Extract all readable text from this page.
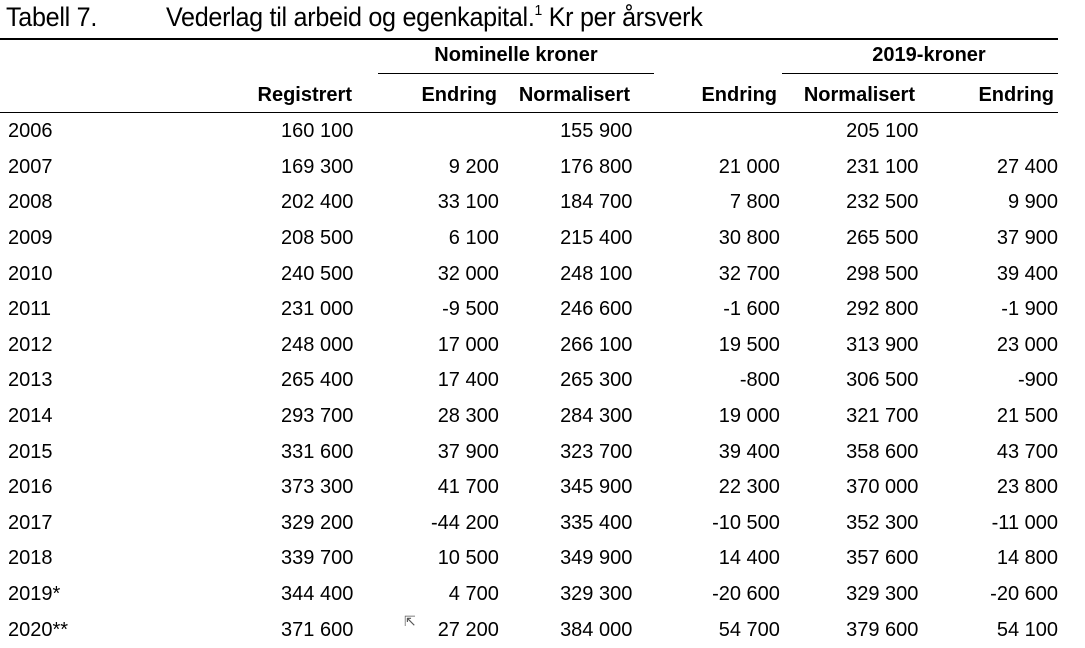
Tabell 7.	Vederlag til arbeid og egenkapital.$^1$ Kr per årsverk
Nominelle kroner	2019-kroner
Registrert	Endring Normalisert	Endring Normalisert	Endring
2006	160 100		155 900		205 100	
2007	169 300	9 200	176 800	21 000	231 100	27 400
2008	202 400	33 100	184 700	7 800	232 500	9 900
2009	208 500	6 100	215 400	30 800	265 500	37 900
2010	240 500	32 000	248 100	32 700	298 500	39 400
2011	231 000	-9 500	246 600	-1 600	292 800	-1 900
2012	248 000	17 000	266 100	19 500	313 900	23 000
2013	265 400	17 400	265 300	-800	306 500	-900
2014	293 700	28 300	284 300	19 000	321 700	21 500
2015	331 600	37 900	323 700	39 400	358 600	43 700
2016	373 300	41 700	345 900	22 300	370 000	23 800
2017	329 200	-44 200	335 400	-10 500	352 300	-11 000
2018	339 700	10 500	349 900	14 400	357 600	14 800
2019*	344 400	4 700	329 300	-20 600	329 300	-20 600
2020**	371 600	27 200	384 000	54 700	379 600	54 100
⇱
